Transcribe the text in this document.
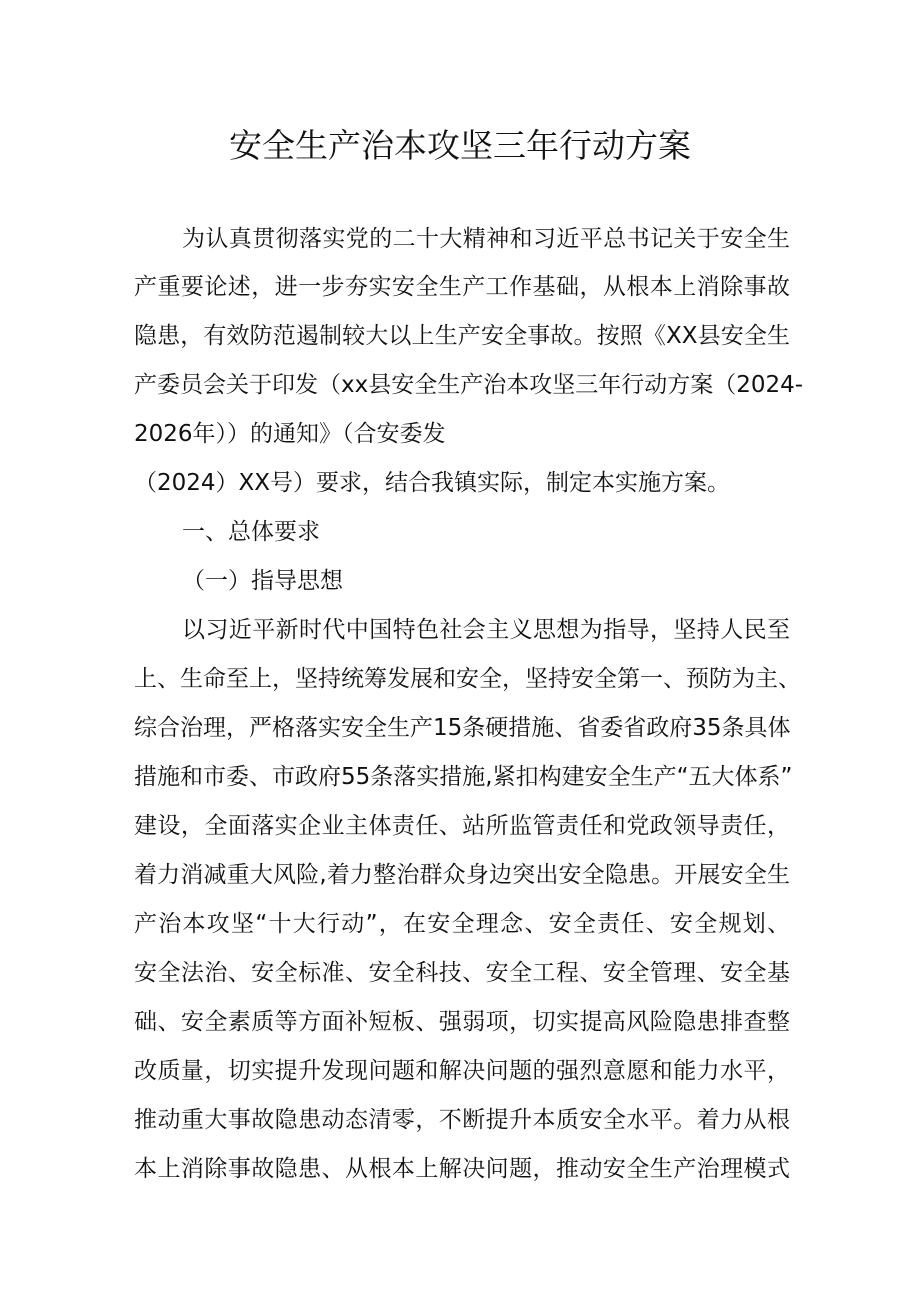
安全生产治本攻坚三年行动方案

为认真贯彻落实党的二十大精神和习近平总书记关于安全生

产重要论述，进一步夯实安全生产工作基础，从根本上消除事故

隐患，有效防范遏制较大以上生产安全事故。按照《XX县安全生

产委员会关于印发（xx县安全生产治本攻坚三年行动方案（2024-

2026年））的通知》（合安委发

（2024）XX号）要求，结合我镇实际，制定本实施方案。

一、总体要求

（一）指导思想

以习近平新时代中国特色社会主义思想为指导，坚持人民至

上、生命至上，坚持统筹发展和安全，坚持安全第一、预防为主、

综合治理，严格落实安全生产15条硬措施、省委省政府35条具体

措施和市委、市政府55条落实措施,紧扣构建安全生产“五大体系”

建设，全面落实企业主体责任、站所监管责任和党政领导责任，

着力消减重大风险,着力整治群众身边突出安全隐患。开展安全生

产治本攻坚“十大行动”，在安全理念、安全责任、安全规划、

安全法治、安全标准、安全科技、安全工程、安全管理、安全基

础、安全素质等方面补短板、强弱项，切实提高风险隐患排查整

改质量，切实提升发现问题和解决问题的强烈意愿和能力水平，

推动重大事故隐患动态清零，不断提升本质安全水平。着力从根

本上消除事故隐患、从根本上解决问题，推动安全生产治理模式
